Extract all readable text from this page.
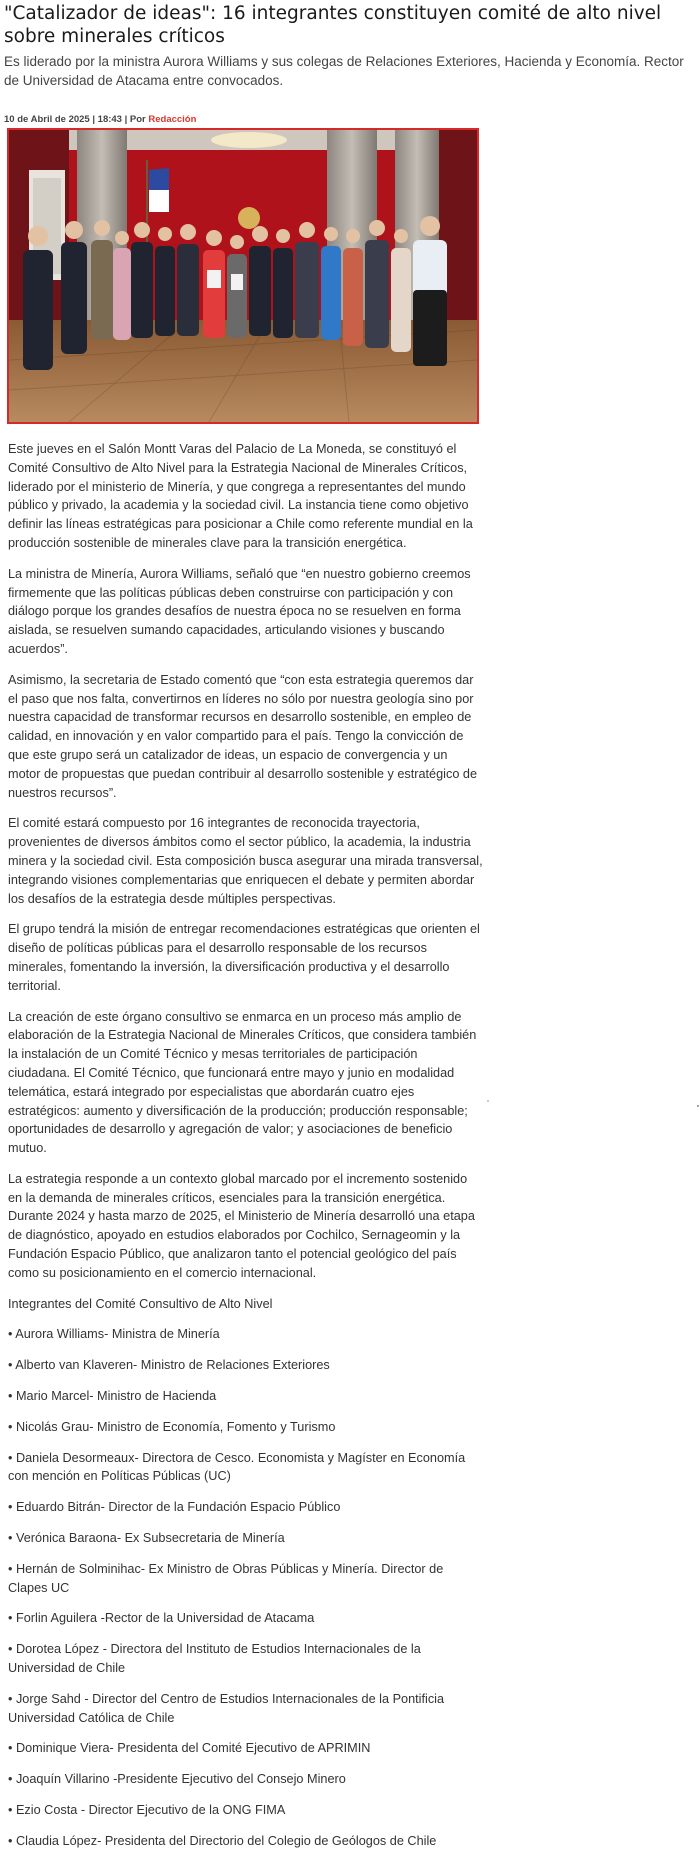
"Catalizador de ideas": 16 integrantes constituyen comité de alto nivel sobre minerales críticos
Es liderado por la ministra Aurora Williams y sus colegas de Relaciones Exteriores, Hacienda y Economía. Rector de Universidad de Atacama entre convocados.
10 de Abril de 2025 | 18:43 | Por Redacción

Este jueves en el Salón Montt Varas del Palacio de La Moneda, se constituyó el Comité Consultivo de Alto Nivel para la Estrategia Nacional de Minerales Críticos, liderado por el ministerio de Minería, y que congrega a representantes del mundo público y privado, la academia y la sociedad civil. La instancia tiene como objetivo definir las líneas estratégicas para posicionar a Chile como referente mundial en la producción sostenible de minerales clave para la transición energética.

La ministra de Minería, Aurora Williams, señaló que “en nuestro gobierno creemos firmemente que las políticas públicas deben construirse con participación y con diálogo porque los grandes desafíos de nuestra época no se resuelven en forma aislada, se resuelven sumando capacidades, articulando visiones y buscando acuerdos”.

Asimismo, la secretaria de Estado comentó que “con esta estrategia queremos dar el paso que nos falta, convertirnos en líderes no sólo por nuestra geología sino por nuestra capacidad de transformar recursos en desarrollo sostenible, en empleo de calidad, en innovación y en valor compartido para el país. Tengo la convicción de que este grupo será un catalizador de ideas, un espacio de convergencia y un motor de propuestas que puedan contribuir al desarrollo sostenible y estratégico de nuestros recursos”.

El comité estará compuesto por 16 integrantes de reconocida trayectoria, provenientes de diversos ámbitos como el sector público, la academia, la industria minera y la sociedad civil. Esta composición busca asegurar una mirada transversal, integrando visiones complementarias que enriquecen el debate y permiten abordar los desafíos de la estrategia desde múltiples perspectivas.

El grupo tendrá la misión de entregar recomendaciones estratégicas que orienten el diseño de políticas públicas para el desarrollo responsable de los recursos minerales, fomentando la inversión, la diversificación productiva y el desarrollo territorial.

La creación de este órgano consultivo se enmarca en un proceso más amplio de elaboración de la Estrategia Nacional de Minerales Críticos, que considera también la instalación de un Comité Técnico y mesas territoriales de participación ciudadana. El Comité Técnico, que funcionará entre mayo y junio en modalidad telemática, estará integrado por especialistas que abordarán cuatro ejes estratégicos: aumento y diversificación de la producción; producción responsable; oportunidades de desarrollo y agregación de valor; y asociaciones de beneficio mutuo.

La estrategia responde a un contexto global marcado por el incremento sostenido en la demanda de minerales críticos, esenciales para la transición energética. Durante 2024 y hasta marzo de 2025, el Ministerio de Minería desarrolló una etapa de diagnóstico, apoyado en estudios elaborados por Cochilco, Sernageomin y la Fundación Espacio Público, que analizaron tanto el potencial geológico del país como su posicionamiento en el comercio internacional.

Integrantes del Comité Consultivo de Alto Nivel

• Aurora Williams- Ministra de Minería
• Alberto van Klaveren- Ministro de Relaciones Exteriores
• Mario Marcel- Ministro de Hacienda
• Nicolás Grau- Ministro de Economía, Fomento y Turismo
• Daniela Desormeaux- Directora de Cesco. Economista y Magíster en Economía con mención en Políticas Públicas (UC)
• Eduardo Bitrán- Director de la Fundación Espacio Público
• Verónica Baraona- Ex Subsecretaria de Minería
• Hernán de Solminihac- Ex Ministro de Obras Públicas y Minería. Director de Clapes UC
• Forlin Aguilera -Rector de la Universidad de Atacama
• Dorotea López - Directora del Instituto de Estudios Internacionales de la Universidad de Chile
• Jorge Sahd - Director del Centro de Estudios Internacionales de la Pontificia Universidad Católica de Chile
• Dominique Viera- Presidenta del Comité Ejecutivo de APRIMIN
• Joaquín Villarino -Presidente Ejecutivo del Consejo Minero
• Ezio Costa - Director Ejecutivo de la ONG FIMA
• Claudia López- Presidenta del Directorio del Colegio de Geólogos de Chile
